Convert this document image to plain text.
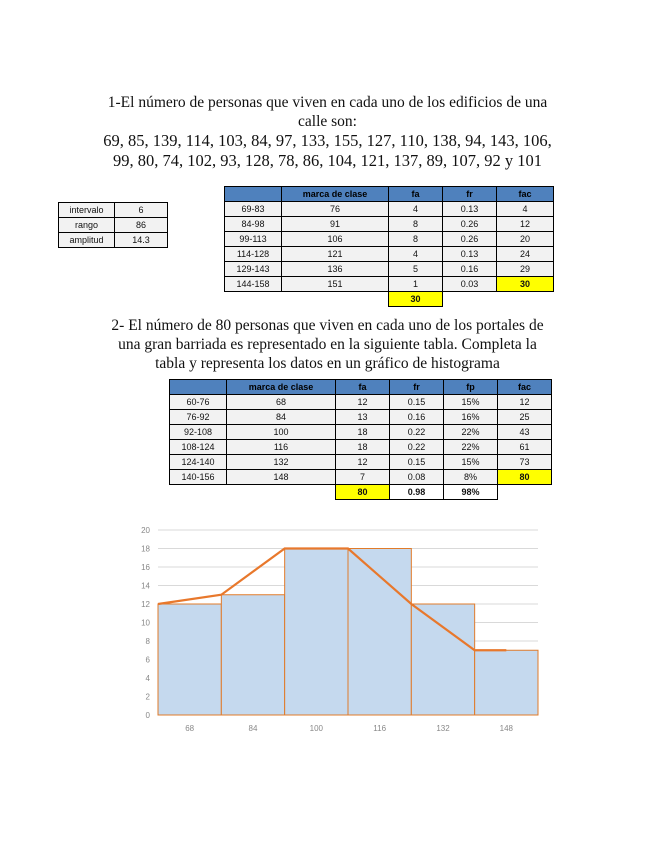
1-El número de personas que viven en cada uno de los edificios de una
calle son:
69, 85, 139, 114, 103, 84, 97, 133, 155, 127, 110, 138, 94, 143, 106,
99, 80, 74, 102, 93, 128, 78, 86, 104, 121, 137, 89, 107, 92 y 101
intervalo	6
rango	86
amplitud	14.3
	marca de clase	fa	fr	fac
69-83	76	4	0.13	4
84-98	91	8	0.26	12
99-113	106	8	0.26	20
114-128	121	4	0.13	24
129-143	136	5	0.16	29
144-158	151	1	0.03	30
		30		
2- El número de 80 personas que viven en cada uno de los portales de
una gran barriada es representado en la siguiente tabla. Completa la
tabla y representa los datos en un gráfico de histograma
	marca de clase	fa	fr	fp	fac
60-76	68	12	0.15	15%	12
76-92	84	13	0.16	16%	25
92-108	100	18	0.22	22%	43
108-124	116	18	0.22	22%	61
124-140	132	12	0.15	15%	73
140-156	148	7	0.08	8%	80
		80	0.98	98%	
0
2
4
6
8
10
12
14
16
18
20
68	84	100	116	132	148
